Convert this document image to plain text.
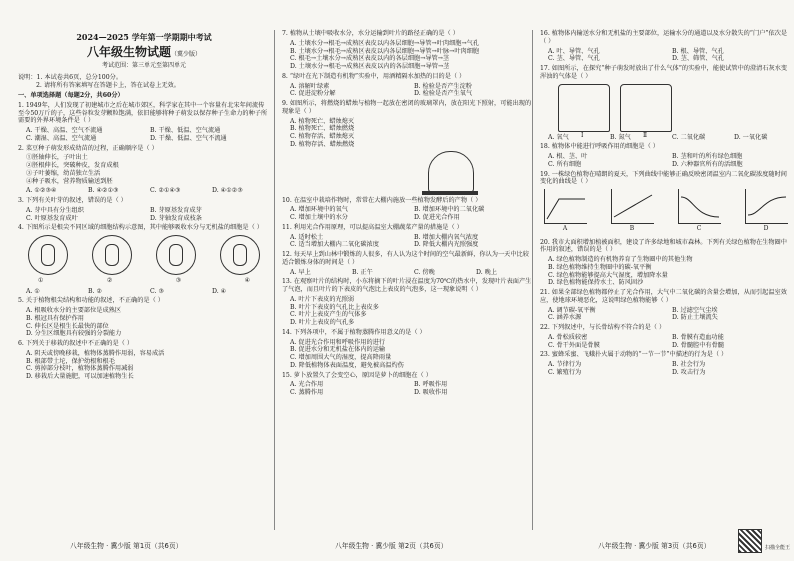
2024—2025 学年第一学期期中考试
八年级生物试题（冀少版）
考试范围：第三单元至第四单元
说明：1. 本试卷共6页，总分100分。
2. 请将所有答案填写在答题卡上，答在试卷上无效。
一、单项选择题（每题2分，共60分）
1. 1949年，人们发现了初建城市之后在城市郊区，科学家在其中一个容量有北宋年间流传至今50万斤的子，这些谷粒发芽颗粒饱满，依旧能够将种子萌发以保存种子生命力的种子所需要的外界环境条件是（ ）
A. 干燥、高温、空气不流通	B. 干燥、低温、空气流通
C. 潮湿、高温、空气流通	D. 干燥、低温、空气不流通
2. 菜豆种子萌发形成幼苗的过程，正确顺序是（ ）
①胚轴伸长，子叶出土
②胚根伸长，突破种皮，发育成根
③子叶萎缩，幼苗独立生活
④种子吸水，营养物质输送到胚
A. ①②③④	B. ④②①③	C. ②①④③	D. ④①②③
3. 下列有关叶芽的叙述，错误的是（ ）
A. 芽中具有分生组织	B. 芽原基发育成芽
C. 叶原基发育成叶	D. 芽轴发育成枝条
4. 下图所示是根尖不同区域的细胞结构示意图，其中能够吸收水分与无机盐的细胞是（ ）
①	②	③	④
A. ①	B. ②	C. ③	D. ④
5. 关于植物根尖结构和功能的叙述，不正确的是（ ）
A. 根吸收水分的主要部位是成熟区
B. 根冠具有保护作用
C. 伸长区是根生长最快的部位
D. 分生区细胞具有较强的分裂能力
6. 下列关于移栽的叙述中不正确的是（ ）
A. 阴天或傍晚移栽，植物体蒸腾作用弱，容易成活
B. 根部带土坨，保护幼根和根毛
C. 剪掉部分枝叶，植物体蒸腾作用减弱
D. 移栽后大量施肥，可以加速植物生长
7. 植物从土壤中吸收水分，水分运输到叶片的路径正确的是（ ）
A. 土壤水分→根毛→成熟区表皮以内各层细胞→导管→叶肉细胞→气孔
B. 土壤水分→根毛→成熟区表皮以内各层细胞→导管→叶脉→叶肉细胞
C. 根毛→土壤水分→成熟区表皮以内的各层细胞→导管→茎
D. 土壤水分→根毛→成熟区表皮以内的各层细胞→导管→茎
8. “绿叶在光下制造有机物”实验中，用酒精隔水加热的目的是（ ）
A. 溶解叶绿素	B. 检验是否产生淀粉
C. 促进淀粉分解	D. 检验是否产生氧气
9. 如图所示，将燃烧的蜡烛与植物一起放在密闭的玻璃罩内，放在阳光下照射，可能出现的现象是（ ）
A. 植物死亡、蜡烛熄灭
B. 植物死亡、蜡烛燃烧
C. 植物存活、蜡烛熄灭
D. 植物存活、蜡烛燃烧
10. 在温室中栽培作物时，常常在大棚内施放一些植物发酵后的产物（ ）
A. 增加环境中的氧气	B. 增加环境中的二氧化碳
C. 增加土壤中的水分	D. 促进光合作用
11. 利用光合作用原理，可以提高温室大棚蔬菜产量的措施是（ ）
A. 适时松土	B. 增加大棚内氧气浓度
C. 适当增加大棚内二氧化碳浓度	D. 降低大棚内光照强度
12. 每天早上到山林中锻炼的人很多，有人认为这个时间的空气最新鲜，你认为一天中比较适合锻炼身体的时间是（ ）
A. 早上	B. 正午	C. 傍晚	D. 晚上
13. 在观察叶片的结构时，小东将摘下的叶片浸在温度为70℃的热水中，发现叶片表面产生了气泡，而且叶片的下表皮的气泡比上表皮的气泡多，这一现象说明（ ）
A. 叶片下表皮的光照弱
B. 叶片下表皮的气孔比上表皮多
C. 叶片上表皮产生的气体多
D. 叶片上表皮的气孔多
14. 下列各项中，不属于植物蒸腾作用意义的是（ ）
A. 促进光合作用和呼吸作用的进行
B. 促进水分和无机盐在体内的运输
C. 增加周围大气的湿度，提高降雨量
D. 降低植物体表面温度，避免被高温灼伤
15. 萝卜放置久了会变空心，原因是萝卜的细胞在（ ）
A. 光合作用	B. 呼吸作用
C. 蒸腾作用	D. 吸收作用
16. 植物体内输送水分和无机盐的主要部位，运输水分的通道以及水分散失的“门户”依次是（ ）
A. 叶、导管、气孔	B. 根、导管、气孔
C. 茎、导管、气孔	D. 茎、筛管、气孔
17. 如图所示，在探究“种子萌发时放出了什么气体”的实验中，能使试管中的澄清石灰水变浑浊的气体是（ ）
Ⅰ	Ⅱ
A. 氧气	B. 氮气	C. 二氧化碳	D. 一氧化碳
18. 植物体中能进行呼吸作用的细胞是（ ）
A. 根、茎、叶	B. 茎和叶的所有绿色细胞
C. 所有细胞	D. 六种器官所有的活细胞
19. 一株绿色植物在晴朗的夏天，下列曲线中能够正确反映密闭温室内二氧化碳浓度随时间变化的曲线是（ ）
A	B	C	D
20. 我市大面积增加植被面积，建设了许多绿地和城市森林。下列有关绿色植物在生物圈中作用的叙述，错误的是（ ）
A. 绿色植物制造的有机物养育了生物圈中的其他生物
B. 绿色植物维持生物圈中的碳-氧平衡
C. 绿色植物能够提高大气湿度，增加降水量
D. 绿色植物能保持水土、防风固沙
21. 如果全部绿色植物都停止了光合作用，大气中二氧化碳的含量会增加，从而引起温室效应，使地球环境恶化，这说明绿色植物能够（ ）
A. 调节碳-氧平衡	B. 过滤空气尘埃
C. 涵养水源	D. 防止土壤流失
22. 下列叙述中，与长骨结构不符合的是（ ）
A. 骨松质较密	B. 骨膜有造血功能
C. 骨干外面是骨膜	D. 骨髓腔中有骨髓
23. 蜜蜂采蜜、飞蛾扑火属于动物的“一节一节”中描述的行为是（ ）
A. 节律行为	B. 社会行为
C. 繁殖行为	D. 攻击行为
八年级生物 · 冀少版 第1页（共6页）	八年级生物 · 冀少版 第2页（共6页）	八年级生物 · 冀少版 第3页（共6页）	扫描全能王
